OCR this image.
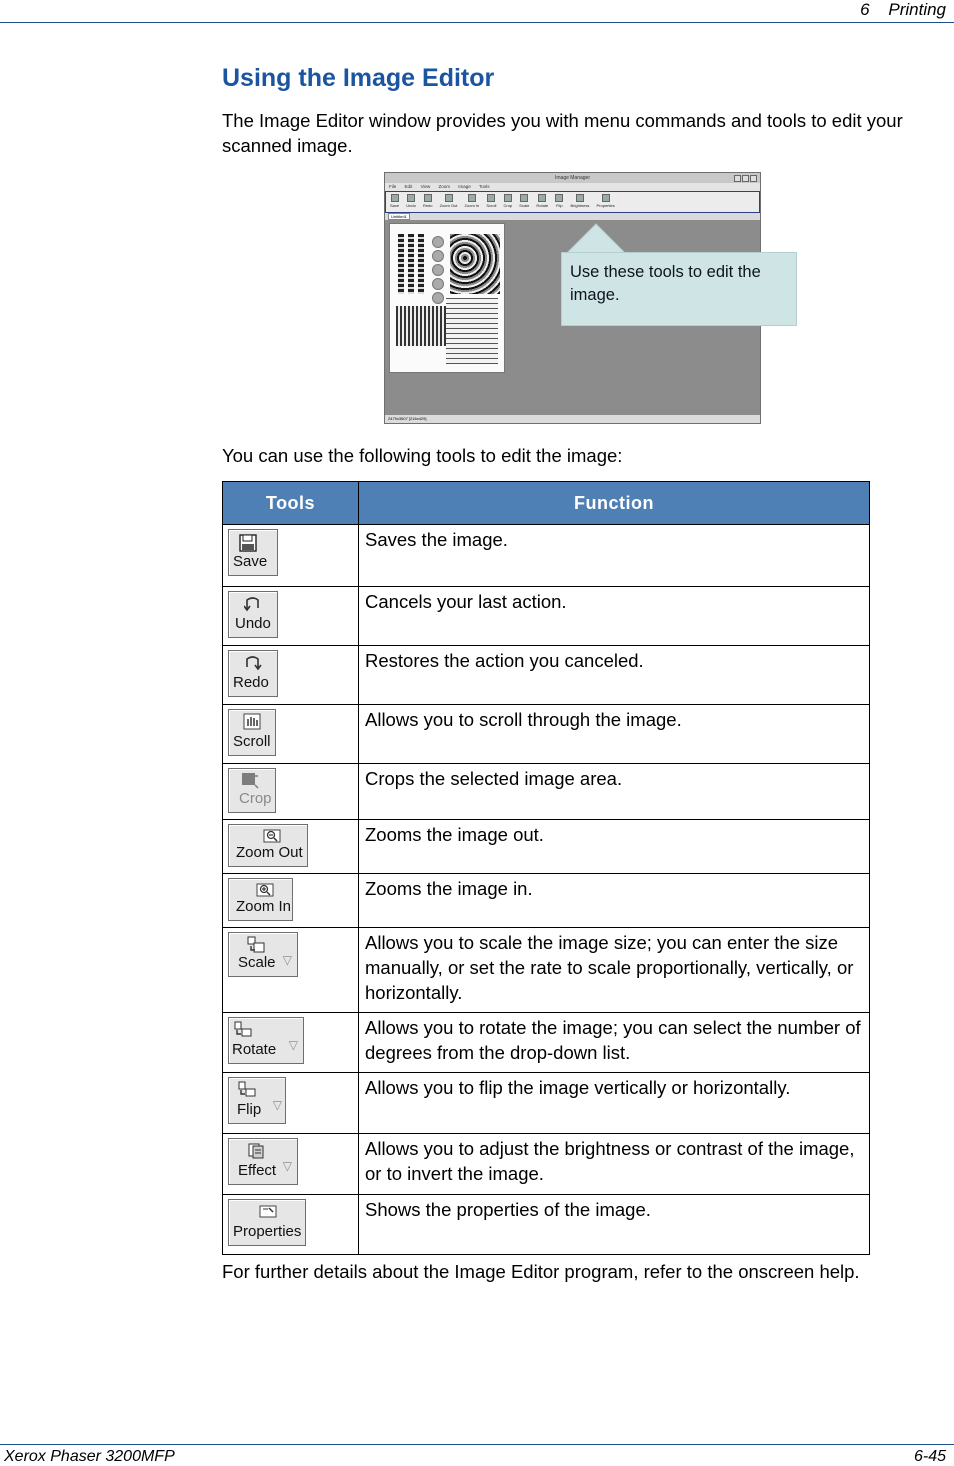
6 Printing
Using the Image Editor

The Image Editor window provides you with menu commands and tools to edit your scanned image.

Image Manager
File Edit View Zoom Image Tools
Save Undo Redo Zoom Out Zoom In Scroll Crop Scale Rotate Flip Brightness Properties
Untitled1
2479x3507 [216x429]
Use these tools to edit the image.

You can use the following tools to edit the image:

Tools	Function

Save	Saves the image.

Undo	Cancels your last action.

Redo	Restores the action you canceled.

Scroll	Allows you to scroll through the image.

Crop	Crops the selected image area.

Zoom Out	Zooms the image out.

Zoom In	Zooms the image in.

Scale ▽	Allows you to scale the image size; you can enter the size manually, or set the rate to scale proportionally, vertically, or horizontally.

Rotate ▽	Allows you to rotate the image; you can select the number of degrees from the drop-down list.

Flip ▽	Allows you to flip the image vertically or horizontally.

Effect ▽	Allows you to adjust the brightness or contrast of the image, or to invert the image.

Properties	Shows the properties of the image.

For further details about the Image Editor program, refer to the onscreen help.

Xerox Phaser 3200MFP	6-45
